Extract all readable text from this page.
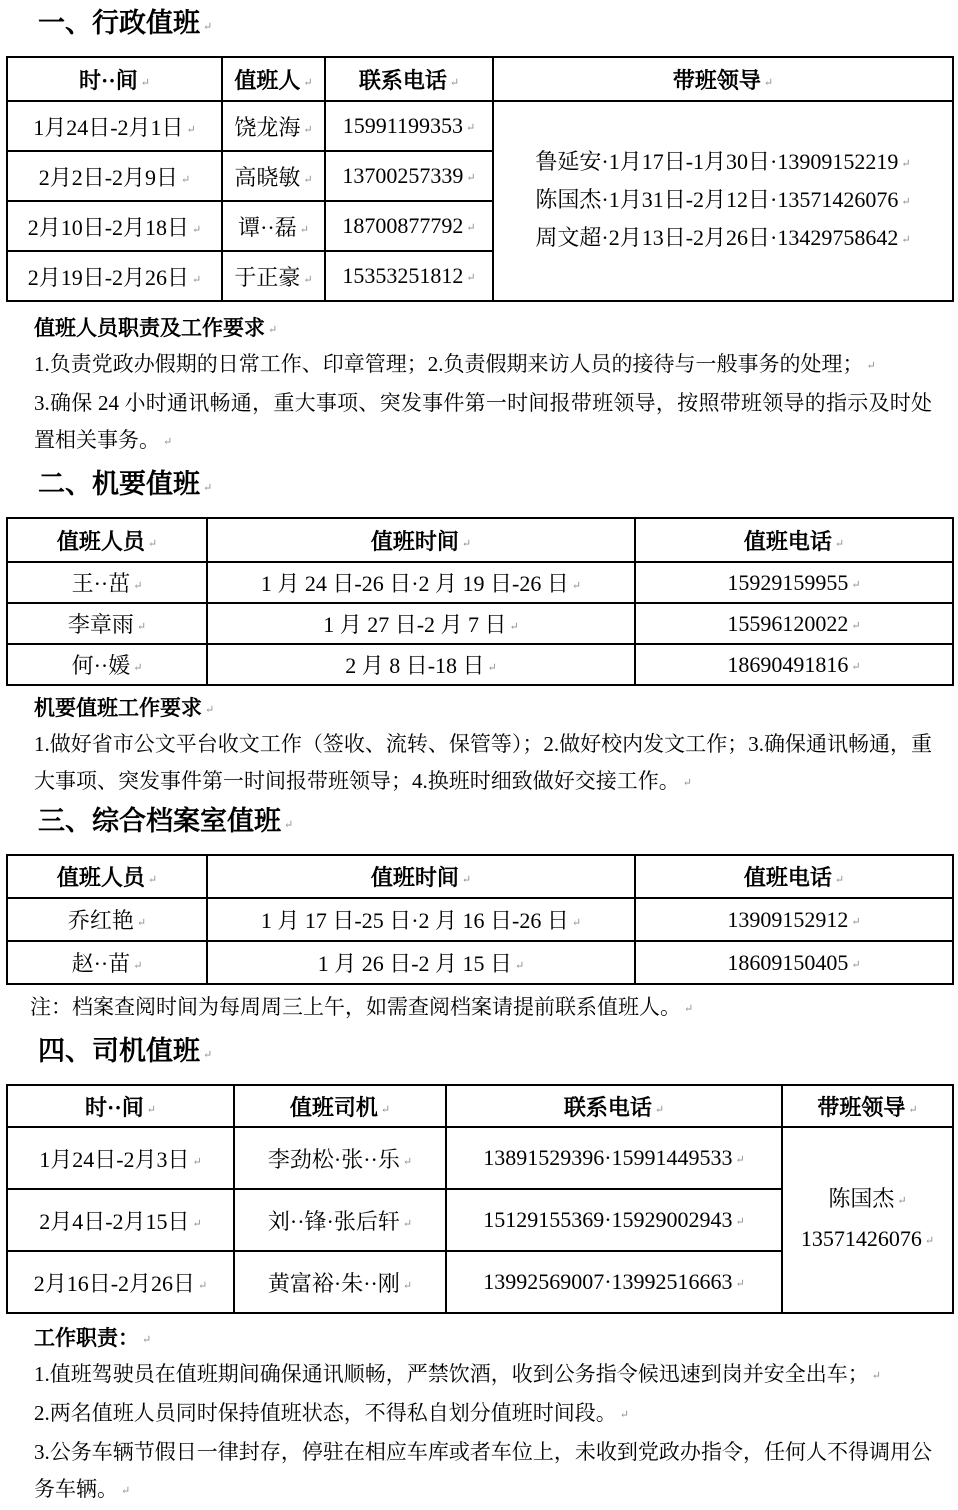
一、行政值班 ↵
时··间 ↵	值班人 ↵	联系电话 ↵	带班领导 ↵
1月24日-2月1日 ↵	饶龙海 ↵	15991199353 ↵	鲁延安·1月17日-1月30日·13909152219 ↵
陈国杰·1月31日-2月12日·13571426076 ↵
周文超·2月13日-2月26日·13429758642 ↵

2月2日-2月9日 ↵	高晓敏 ↵	13700257339 ↵	
2月10日-2月18日 ↵	谭··磊 ↵	18700877792 ↵	
2月19日-2月26日 ↵	于正豪 ↵	15353251812 ↵	

值班人员职责及工作要求 ↵

1.负责党政办假期的日常工作、印章管理；2.负责假期来访人员的接待与一般事务的处理； ↵

3.确保 24 小时通讯畅通，重大事项、突发事件第一时间报带班领导，按照带班领导的指示及时处置相关事务。 ↵

二、机要值班 ↵
值班人员 ↵	值班时间 ↵	值班电话 ↵
王··茁 ↵	1 月 24 日-26 日·2 月 19 日-26 日 ↵	15929159955 ↵
李章雨 ↵	1 月 27 日-2 月 7 日 ↵	15596120022 ↵
何··媛 ↵	2 月 8 日-18 日 ↵	18690491816 ↵

机要值班工作要求 ↵

1.做好省市公文平台收文工作（签收、流转、保管等）；2.做好校内发文工作；3.确保通讯畅通，重大事项、突发事件第一时间报带班领导；4.换班时细致做好交接工作。 ↵

三、综合档案室值班 ↵
值班人员 ↵	值班时间 ↵	值班电话 ↵
乔红艳 ↵	1 月 17 日-25 日·2 月 16 日-26 日 ↵	13909152912 ↵
赵··苗 ↵	1 月 26 日-2 月 15 日 ↵	18609150405 ↵

注：档案查阅时间为每周周三上午，如需查阅档案请提前联系值班人。 ↵

四、司机值班 ↵
时··间 ↵	值班司机 ↵	联系电话 ↵	带班领导 ↵
1月24日-2月3日 ↵	李劲松·张··乐 ↵	13891529396·15991449533 ↵	陈国杰 ↵
13571426076 ↵

2月4日-2月15日 ↵	刘··锋·张后轩 ↵	15129155369·15929002943 ↵	
2月16日-2月26日 ↵	黄富裕·朱··刚 ↵	13992569007·13992516663 ↵	

工作职责： ↵

1.值班驾驶员在值班期间确保通讯顺畅，严禁饮酒，收到公务指令候迅速到岗并安全出车； ↵

2.两名值班人员同时保持值班状态，不得私自划分值班时间段。 ↵

3.公务车辆节假日一律封存，停驻在相应车库或者车位上，未收到党政办指令，任何人不得调用公务车辆。 ↵
